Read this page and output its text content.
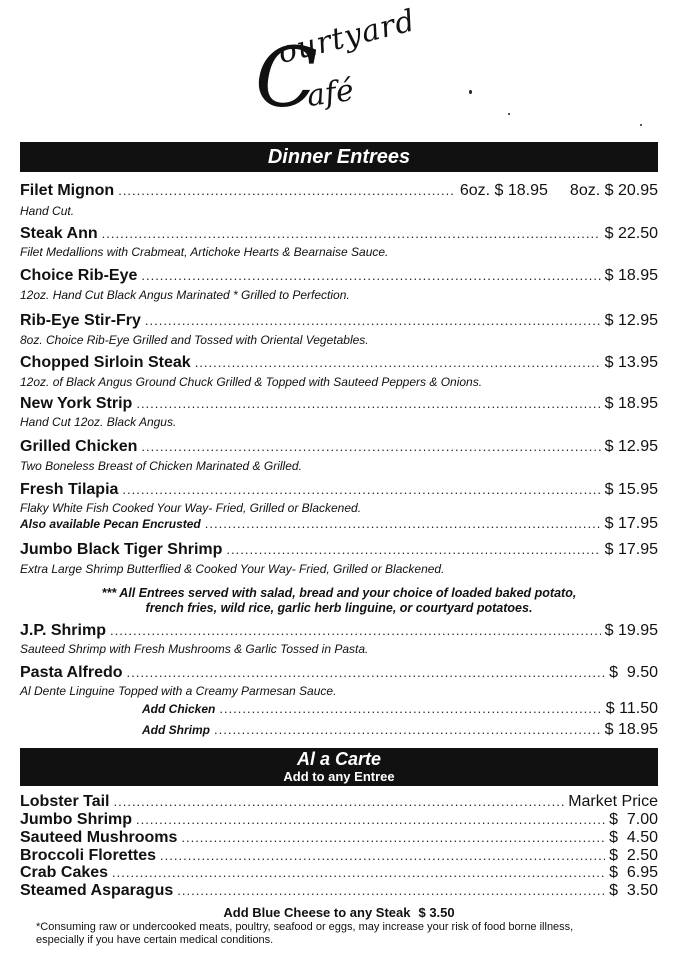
ourtyard
C
afé
Dinner Entrees
Filet Mignon .....	6oz. $ 18.95 8oz. $ 20.95
Hand Cut.
Steak Ann .....	$ 22.50
Filet Medallions with Crabmeat, Artichoke Hearts & Bearnaise Sauce.
Choice Rib-Eye .....	$ 18.95
12oz. Hand Cut Black Angus Marinated * Grilled to Perfection.
Rib-Eye Stir-Fry .....	$ 12.95
8oz. Choice Rib-Eye Grilled and Tossed with Oriental Vegetables.
Chopped Sirloin Steak .....	$ 13.95
12oz. of Black Angus Ground Chuck Grilled & Topped with Sauteed Peppers & Onions.
New York Strip .....	$ 18.95
Hand Cut 12oz. Black Angus.
Grilled Chicken .....	$ 12.95
Two Boneless Breast of Chicken Marinated & Grilled.
Fresh Tilapia .....	$ 15.95
Flaky White Fish Cooked Your Way- Fried, Grilled or Blackened.
Also available Pecan Encrusted .....	$ 17.95
Jumbo Black Tiger Shrimp .....	$ 17.95
Extra Large Shrimp Butterflied & Cooked Your Way- Fried, Grilled or Blackened.
*** All Entrees served with salad, bread and your choice of loaded baked potato,
french fries, wild rice, garlic herb linguine, or courtyard potatoes.
J.P. Shrimp .....	$ 19.95
Sauteed Shrimp with Fresh Mushrooms & Garlic Tossed in Pasta.
Pasta Alfredo .....	$  9.50
Al Dente Linguine Topped with a Creamy Parmesan Sauce.
Add Chicken .....	$ 11.50
Add Shrimp .....	$ 18.95
Al a Carte
Add to any Entree
Lobster Tail .....	Market Price
Jumbo Shrimp .....	$  7.00
Sauteed Mushrooms .....	$  4.50
Broccoli Florettes .....	$  2.50
Crab Cakes .....	$  6.95
Steamed Asparagus .....	$  3.50
Add Blue Cheese to any Steak $ 3.50
*Consuming raw or undercooked meats, poultry, seafood or eggs, may increase your risk of food borne illness,
especially if you have certain medical conditions.
